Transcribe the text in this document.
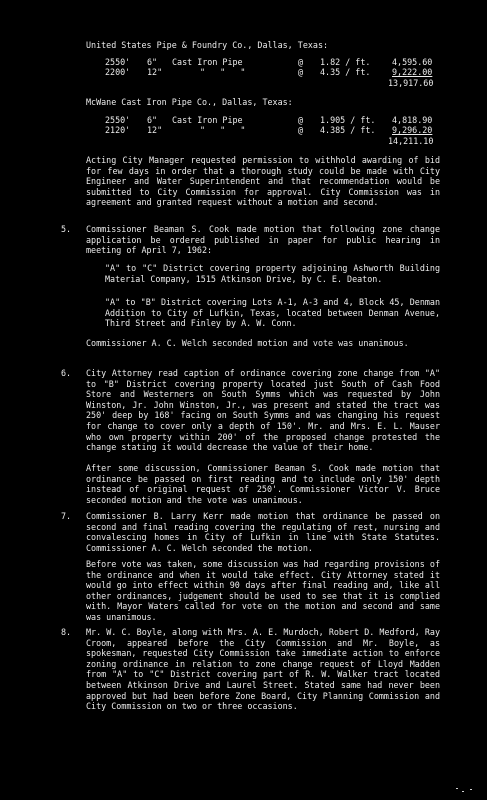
United States Pipe & Foundry Co., Dallas, Texas:
2550' 6" Cast Iron Pipe	@ 1.82 / ft.	4,595.60
2200' 12"	"   "   "	@ 4.35 / ft.	9,222.00
13,917.60
McWane Cast Iron Pipe Co., Dallas, Texas:
2550' 6" Cast Iron Pipe	@ 1.905 / ft. 4,818.90
2120' 12"	"   "   "	@ 4.385 / ft. 9,296.20
14,211.10
Acting City Manager requested permission to withhold awarding of bid for few days in order that a thorough study could be made with City Engineer and Water Superintendent and that recommendation would be submitted to City Commission for approval. City Commission was in agreement and granted request without a motion and second.
5. Commissioner Beaman S. Cook made motion that following zone change application be ordered published in paper for public hearing in meeting of April 7, 1962:
"A" to "C" District covering property adjoining Ashworth Building Material Company, 1515 Atkinson Drive, by C. E. Deaton.
"A" to "B" District covering Lots A-1, A-3 and 4, Block 45, Denman Addition to City of Lufkin, Texas, located between Denman Avenue, Third Street and Finley by A. W. Conn.
Commissioner A. C. Welch seconded motion and vote was unanimous.
6. City Attorney read caption of ordinance covering zone change from "A" to "B" District covering property located just South of Cash Food Store and Westerners on South Symms which was requested by John Winston, Jr. John Winston, Jr., was present and stated the tract was 250' deep by 168' facing on South Symms and was changing his request for change to cover only a depth of 150'. Mr. and Mrs. E. L. Mauser who own property within 200' of the proposed change protested the change stating it would decrease the value of their home.
After some discussion, Commissioner Beaman S. Cook made motion that ordinance be passed on first reading and to include only 150' depth instead of original request of 250'. Commissioner Victor V. Bruce seconded motion and the vote was unanimous.
7. Commissioner B. Larry Kerr made motion that ordinance be passed on second and final reading covering the regulating of rest, nursing and convalescing homes in City of Lufkin in line with State Statutes. Commissioner A. C. Welch seconded the motion.
Before vote was taken, some discussion was had regarding provisions of the ordinance and when it would take effect. City Attorney stated it would go into effect within 90 days after final reading and, like all other ordinances, judgement should be used to see that it is complied with. Mayor Waters called for vote on the motion and second and same was unanimous.
8. Mr. W. C. Boyle, along with Mrs. A. E. Murdoch, Robert D. Medford, Ray Croom, appeared before the City Commission and Mr. Boyle, as spokesman, requested City Commission take immediate action to enforce zoning ordinance in relation to zone change request of Lloyd Madden from "A" to "C" District covering part of R. W. Walker tract located between Atkinson Drive and Laurel Street. Stated same had never been approved but had been before Zone Board, City Planning Commission and City Commission on two or three occasions.
